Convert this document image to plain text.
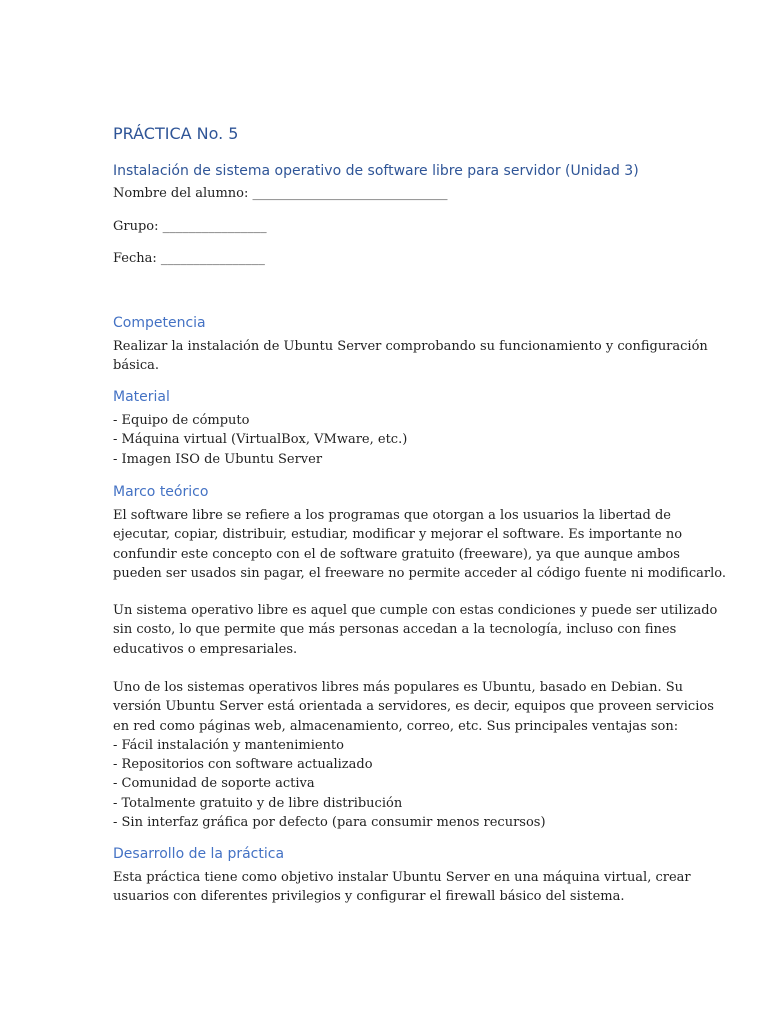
PRÁCTICA No. 5
Instalación de sistema operativo de software libre para servidor (Unidad 3)

Nombre del alumno: ______________________________

Grupo: ________________

Fecha: ________________

Competencia
Realizar la instalación de Ubuntu Server comprobando su funcionamiento y configuración
básica.
Material
- Equipo de cómputo
- Máquina virtual (VirtualBox, VMware, etc.)
- Imagen ISO de Ubuntu Server
Marco teórico
El software libre se refiere a los programas que otorgan a los usuarios la libertad de
ejecutar, copiar, distribuir, estudiar, modificar y mejorar el software. Es importante no
confundir este concepto con el de software gratuito (freeware), ya que aunque ambos
pueden ser usados sin pagar, el freeware no permite acceder al código fuente ni modificarlo.
Un sistema operativo libre es aquel que cumple con estas condiciones y puede ser utilizado
sin costo, lo que permite que más personas accedan a la tecnología, incluso con fines
educativos o empresariales.
Uno de los sistemas operativos libres más populares es Ubuntu, basado en Debian. Su
versión Ubuntu Server está orientada a servidores, es decir, equipos que proveen servicios
en red como páginas web, almacenamiento, correo, etc. Sus principales ventajas son:
- Fácil instalación y mantenimiento
- Repositorios con software actualizado
- Comunidad de soporte activa
- Totalmente gratuito y de libre distribución
- Sin interfaz gráfica por defecto (para consumir menos recursos)
Desarrollo de la práctica
Esta práctica tiene como objetivo instalar Ubuntu Server en una máquina virtual, crear
usuarios con diferentes privilegios y configurar el firewall básico del sistema.
